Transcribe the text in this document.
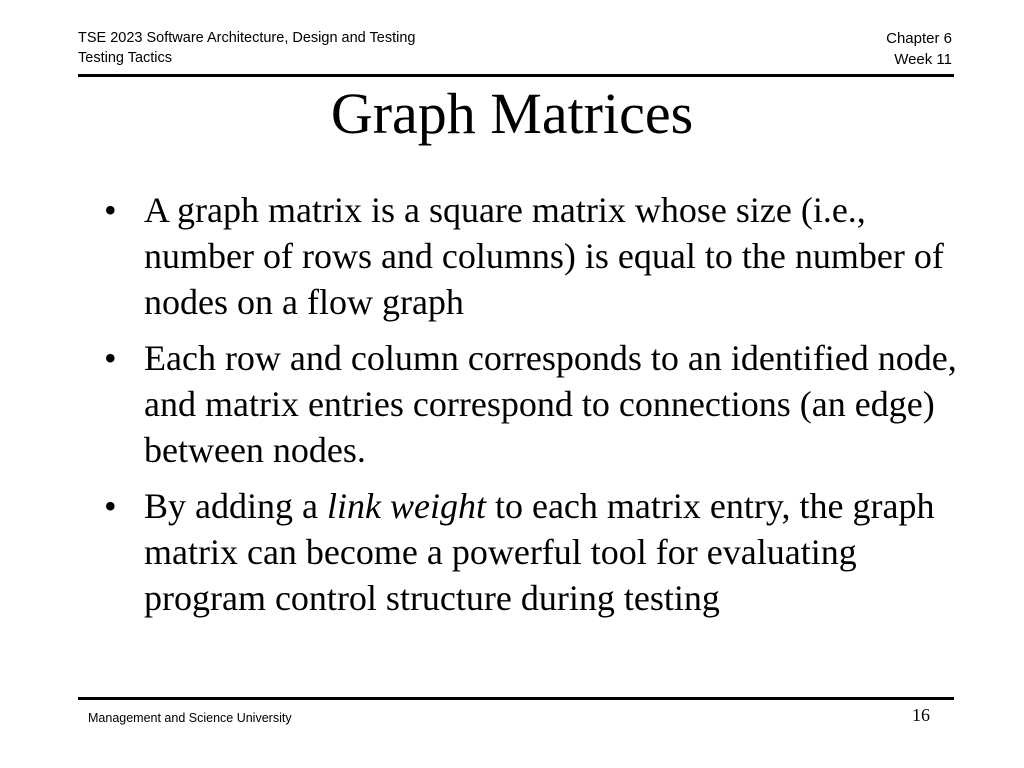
TSE 2023 Software Architecture, Design and Testing
Testing Tactics
Chapter 6
Week 11
Graph Matrices
• A graph matrix is a square matrix whose size (i.e., number of rows and columns) is equal to the number of nodes on a flow graph
• Each row and column corresponds to an identified node, and matrix entries correspond to connections (an edge) between nodes.
• By adding a link weight to each matrix entry, the graph matrix can become a powerful tool for evaluating program control structure during testing
Management and Science University	16
